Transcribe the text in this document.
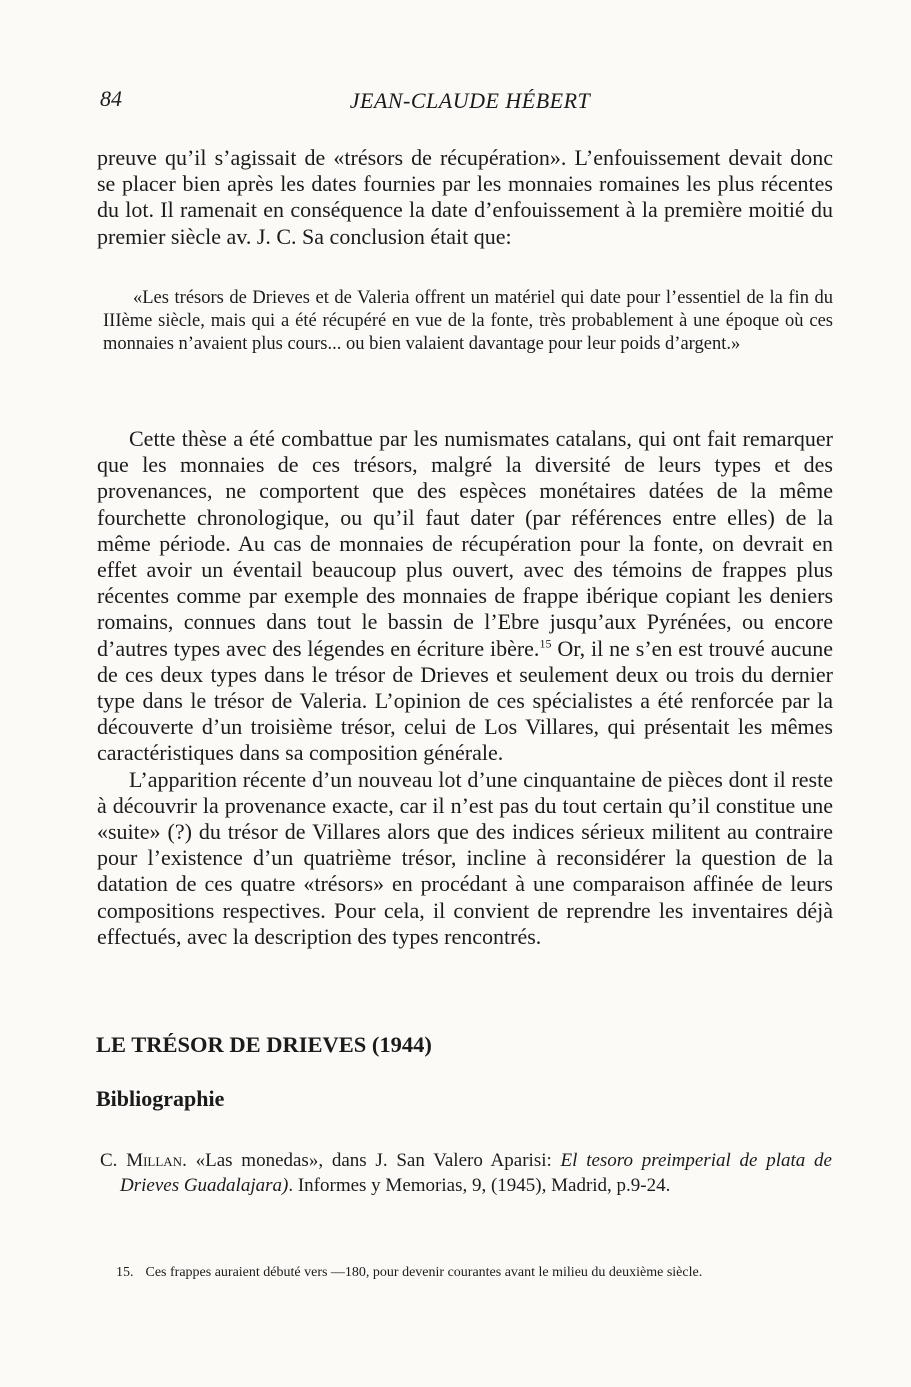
84	JEAN-CLAUDE HÉBERT

preuve qu’il s’agissait de «trésors de récupération». L’enfouissement devait donc se placer bien après les dates fournies par les monnaies romaines les plus récentes du lot. Il ramenait en conséquence la date d’enfouissement à la première moitié du premier siècle av. J. C. Sa conclusion était que:

«Les trésors de Drieves et de Valeria offrent un matériel qui date pour l’essentiel de la fin du IIIème siècle, mais qui a été récupéré en vue de la fonte, très probablement à une époque où ces monnaies n’avaient plus cours... ou bien valaient davantage pour leur poids d’argent.»

Cette thèse a été combattue par les numismates catalans, qui ont fait remarquer que les monnaies de ces trésors, malgré la diversité de leurs types et des provenances, ne comportent que des espèces monétaires datées de la même fourchette chronologique, ou qu’il faut dater (par références entre elles) de la même période. Au cas de monnaies de récupération pour la fonte, on devrait en effet avoir un éventail beaucoup plus ouvert, avec des témoins de frappes plus récentes comme par exemple des monnaies de frappe ibérique copiant les deniers romains, connues dans tout le bassin de l’Ebre jusqu’aux Pyrénées, ou encore d’autres types avec des légendes en écriture ibère.$^{15}$ Or, il ne s’en est trouvé aucune de ces deux types dans le trésor de Drieves et seulement deux ou trois du dernier type dans le trésor de Valeria. L’opinion de ces spécialistes a été renforcée par la découverte d’un troisième trésor, celui de Los Villares, qui présentait les mêmes caractéristiques dans sa composition générale.

L’apparition récente d’un nouveau lot d’une cinquantaine de pièces dont il reste à découvrir la provenance exacte, car il n’est pas du tout certain qu’il constitue une «suite» (?) du trésor de Villares alors que des indices sérieux militent au contraire pour l’existence d’un quatrième trésor, incline à reconsidérer la question de la datation de ces quatre «trésors» en procédant à une comparaison affinée de leurs compositions respectives. Pour cela, il convient de reprendre les inventaires déjà effectués, avec la description des types rencontrés.

LE TRÉSOR DE DRIEVES (1944)
Bibliographie
C. Millan. «Las monedas», dans J. San Valero Aparisi: El tesoro preimperial de plata de Drieves Guadalajara). Informes y Memorias, 9, (1945), Madrid, p.9-24.
15. Ces frappes auraient débuté vers —180, pour devenir courantes avant le milieu du deuxième siècle.
